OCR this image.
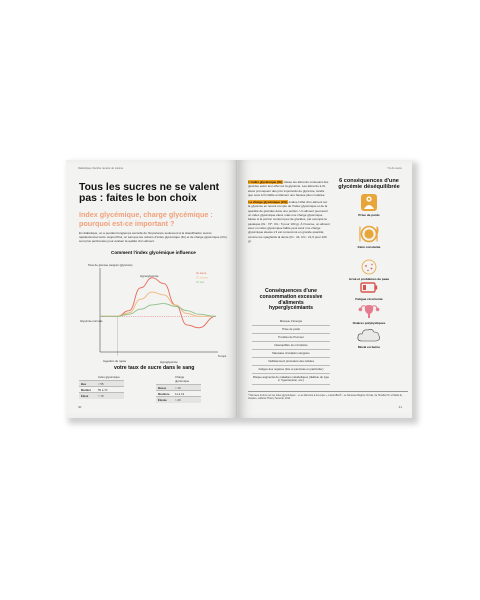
Diabétique cherche recette de cuisine
Tous les sucres ne se valent pas : faites le bon choix
Index glycémique, charge glycémique : pourquoi est-ce important ?
En diabétique, on a pendant longtemps accordé de l'importance seulement à la classification sucres rapides/sucres lents. Aujourd'hui, on sait que les notions d'index glycémique (IG) et de charge glycémique (CG) sont plus pertinentes pour évaluer la qualité d'un aliment.
Comment l'index glycémique influence
IG élevé
IG moyen
IG bas
Taux de glucose sanguin (glycémie)
Temps
Hyperglycémie
Hypoglycémie
Glycémie normale
Ingestion du repas
votre taux de sucre dans le sang
	Index glycémique
Bas	< 55
Modéré	55 à 70
Élevé	> 70
	Charge glycémique
Basse	< 10
Modérée	11 à 19
Élevée	> 20
40
Y'a du sucre

L'index glycémique (IG) classe les aliments contenant des glucides selon leur effet sur la glycémie. Les aliments à IG élevé provoquent des pics importants de glycémie, tandis que ceux à IG faible entraînent une hausse plus modérée.

La charge glycémique (CG) évalue l'effet d'un aliment sur la glycémie en tenant compte de l'index glycémique et de la quantité de glucides dans une portion. Un aliment peut avoir un index glycémique élevé mais une charge glycémique basse si la portion contient peu de glucides, par exemple la pastèque (IG : 72*, CG : 5 pour 100 g). À l'inverse, un aliment avec un index glycémique faible peut avoir une charge glycémique élevée s'il est consommé en grande quantité, comme les spaghettis al dente (IG : 44, CG : 21,6 pour 100 g).

Conséquences d'une consommation excessive d'aliments hyperglycémiants
Manque d'énergie
Prise de poids
Troubles de l'humeur
Déséquilibre du microbiote
Mauvaise circulation sanguine
Vieillissement prématuré des cellules
Fatigue des organes (foie et pancréas en particulier)
Risque augmenté de maladies métaboliques (diabète de type 2, hypertension, etc.)
* Données du livre sur les index glycémiques : « Les Aliments à la Loupe », LanoroBox® - Le Nouveau Régime IG bas, de Horellier M. et Marié E., Vespère, éditions Thierry Souccar, 2011.
6 conséquences d'une glycémie déséquilibrée
Prise de poids
Faim constante
Acné et problèmes de peau
Fatigue récurrente
Ovaires polykystiques
Moral en berne
41
